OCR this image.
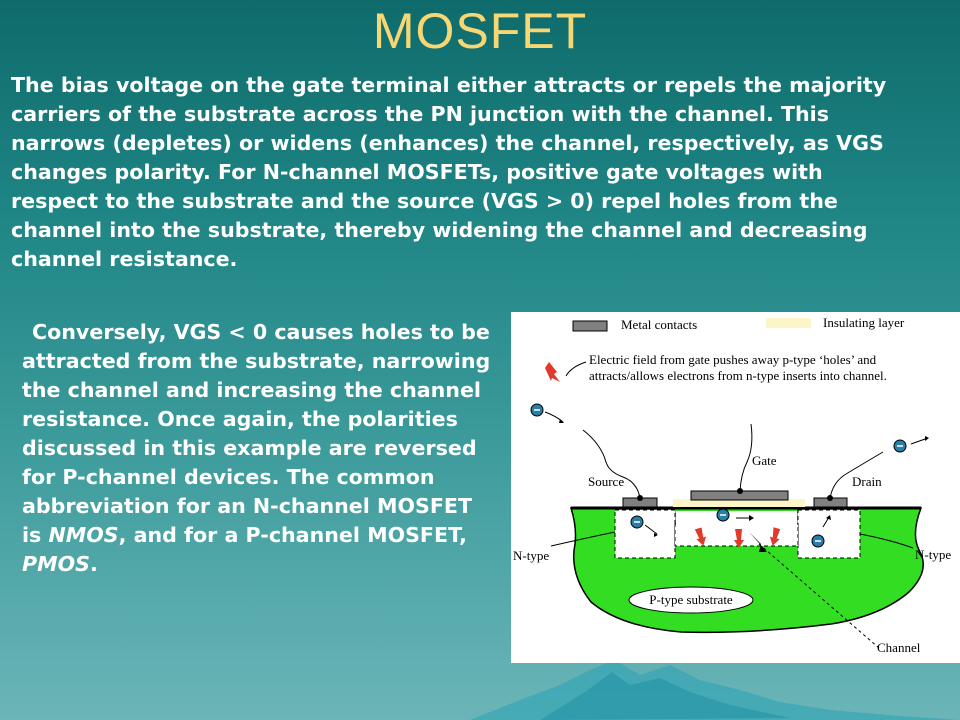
MOSFET

The bias voltage on the gate terminal either attracts or repels the majority carriers of the substrate across the PN junction with the channel. This narrows (depletes) or widens (enhances) the channel, respectively, as VGS changes polarity. For N-channel MOSFETs, positive gate voltages with respect to the substrate and the source (VGS > 0) repel holes from the channel into the substrate, thereby widening the channel and decreasing channel resistance.

Conversely, VGS < 0 causes holes to be attracted from the substrate, narrowing the channel and increasing the channel resistance. Once again, the polarities discussed in this example are reversed for P-channel devices. The common abbreviation for an N-channel MOSFET is NMOS, and for a P-channel MOSFET, PMOS.

Metal contacts	Insulating layer
Electric field from gate pushes away p-type ‘holes’ and
attracts/allows electrons from n-type inserts into channel.
Gate
Source	Drain
N-type	N-type
P-type substrate
Channel
